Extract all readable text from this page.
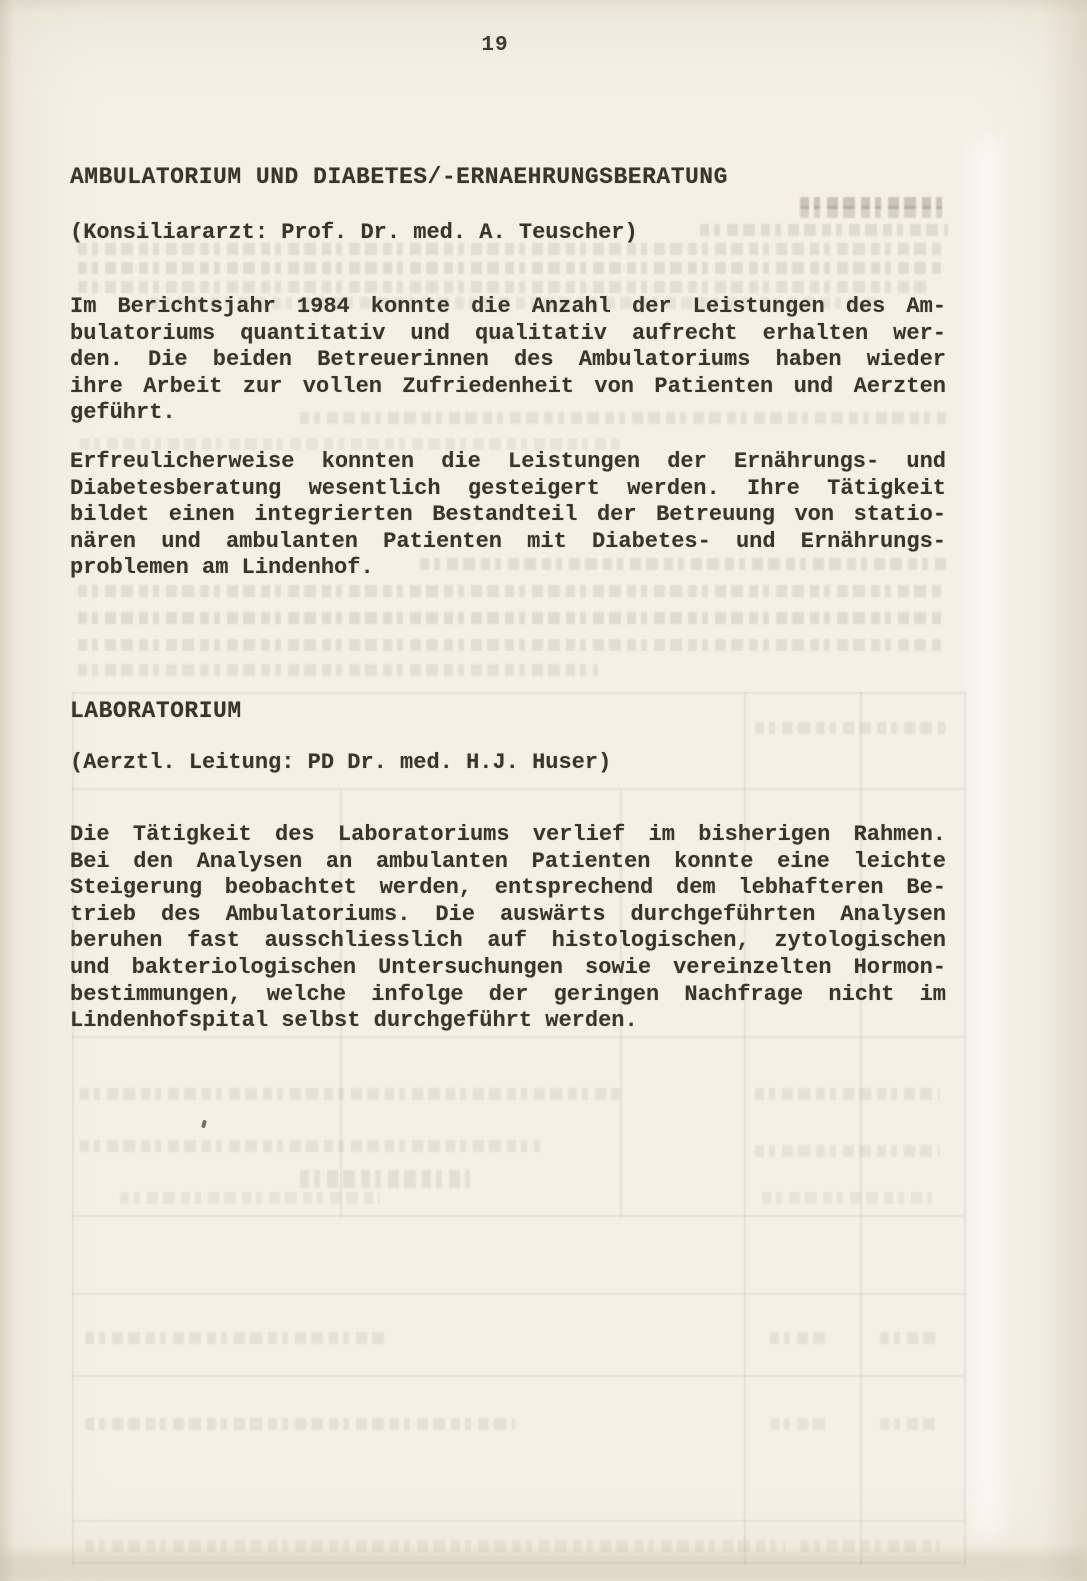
19
AMBULATORIUM UND DIABETES/-ERNAEHRUNGSBERATUNG
(Konsiliararzt: Prof. Dr. med. A. Teuscher)
Im Berichtsjahr 1984 konnte die Anzahl der Leistungen des Am-
bulatoriums quantitativ und qualitativ aufrecht erhalten wer-
den. Die beiden Betreuerinnen des Ambulatoriums haben wieder
ihre Arbeit zur vollen Zufriedenheit von Patienten und Aerzten
geführt.
Erfreulicherweise konnten die Leistungen der Ernährungs- und
Diabetesberatung wesentlich gesteigert werden. Ihre Tätigkeit
bildet einen integrierten Bestandteil der Betreuung von statio-
nären und ambulanten Patienten mit Diabetes- und Ernährungs-
problemen am Lindenhof.
LABORATORIUM
(Aerztl. Leitung: PD Dr. med. H.J. Huser)
Die Tätigkeit des Laboratoriums verlief im bisherigen Rahmen.
Bei den Analysen an ambulanten Patienten konnte eine leichte
Steigerung beobachtet werden, entsprechend dem lebhafteren Be-
trieb des Ambulatoriums. Die auswärts durchgeführten Analysen
beruhen fast ausschliesslich auf histologischen, zytologischen
und bakteriologischen Untersuchungen sowie vereinzelten Hormon-
bestimmungen, welche infolge der geringen Nachfrage nicht im
Lindenhofspital selbst durchgeführt werden.
